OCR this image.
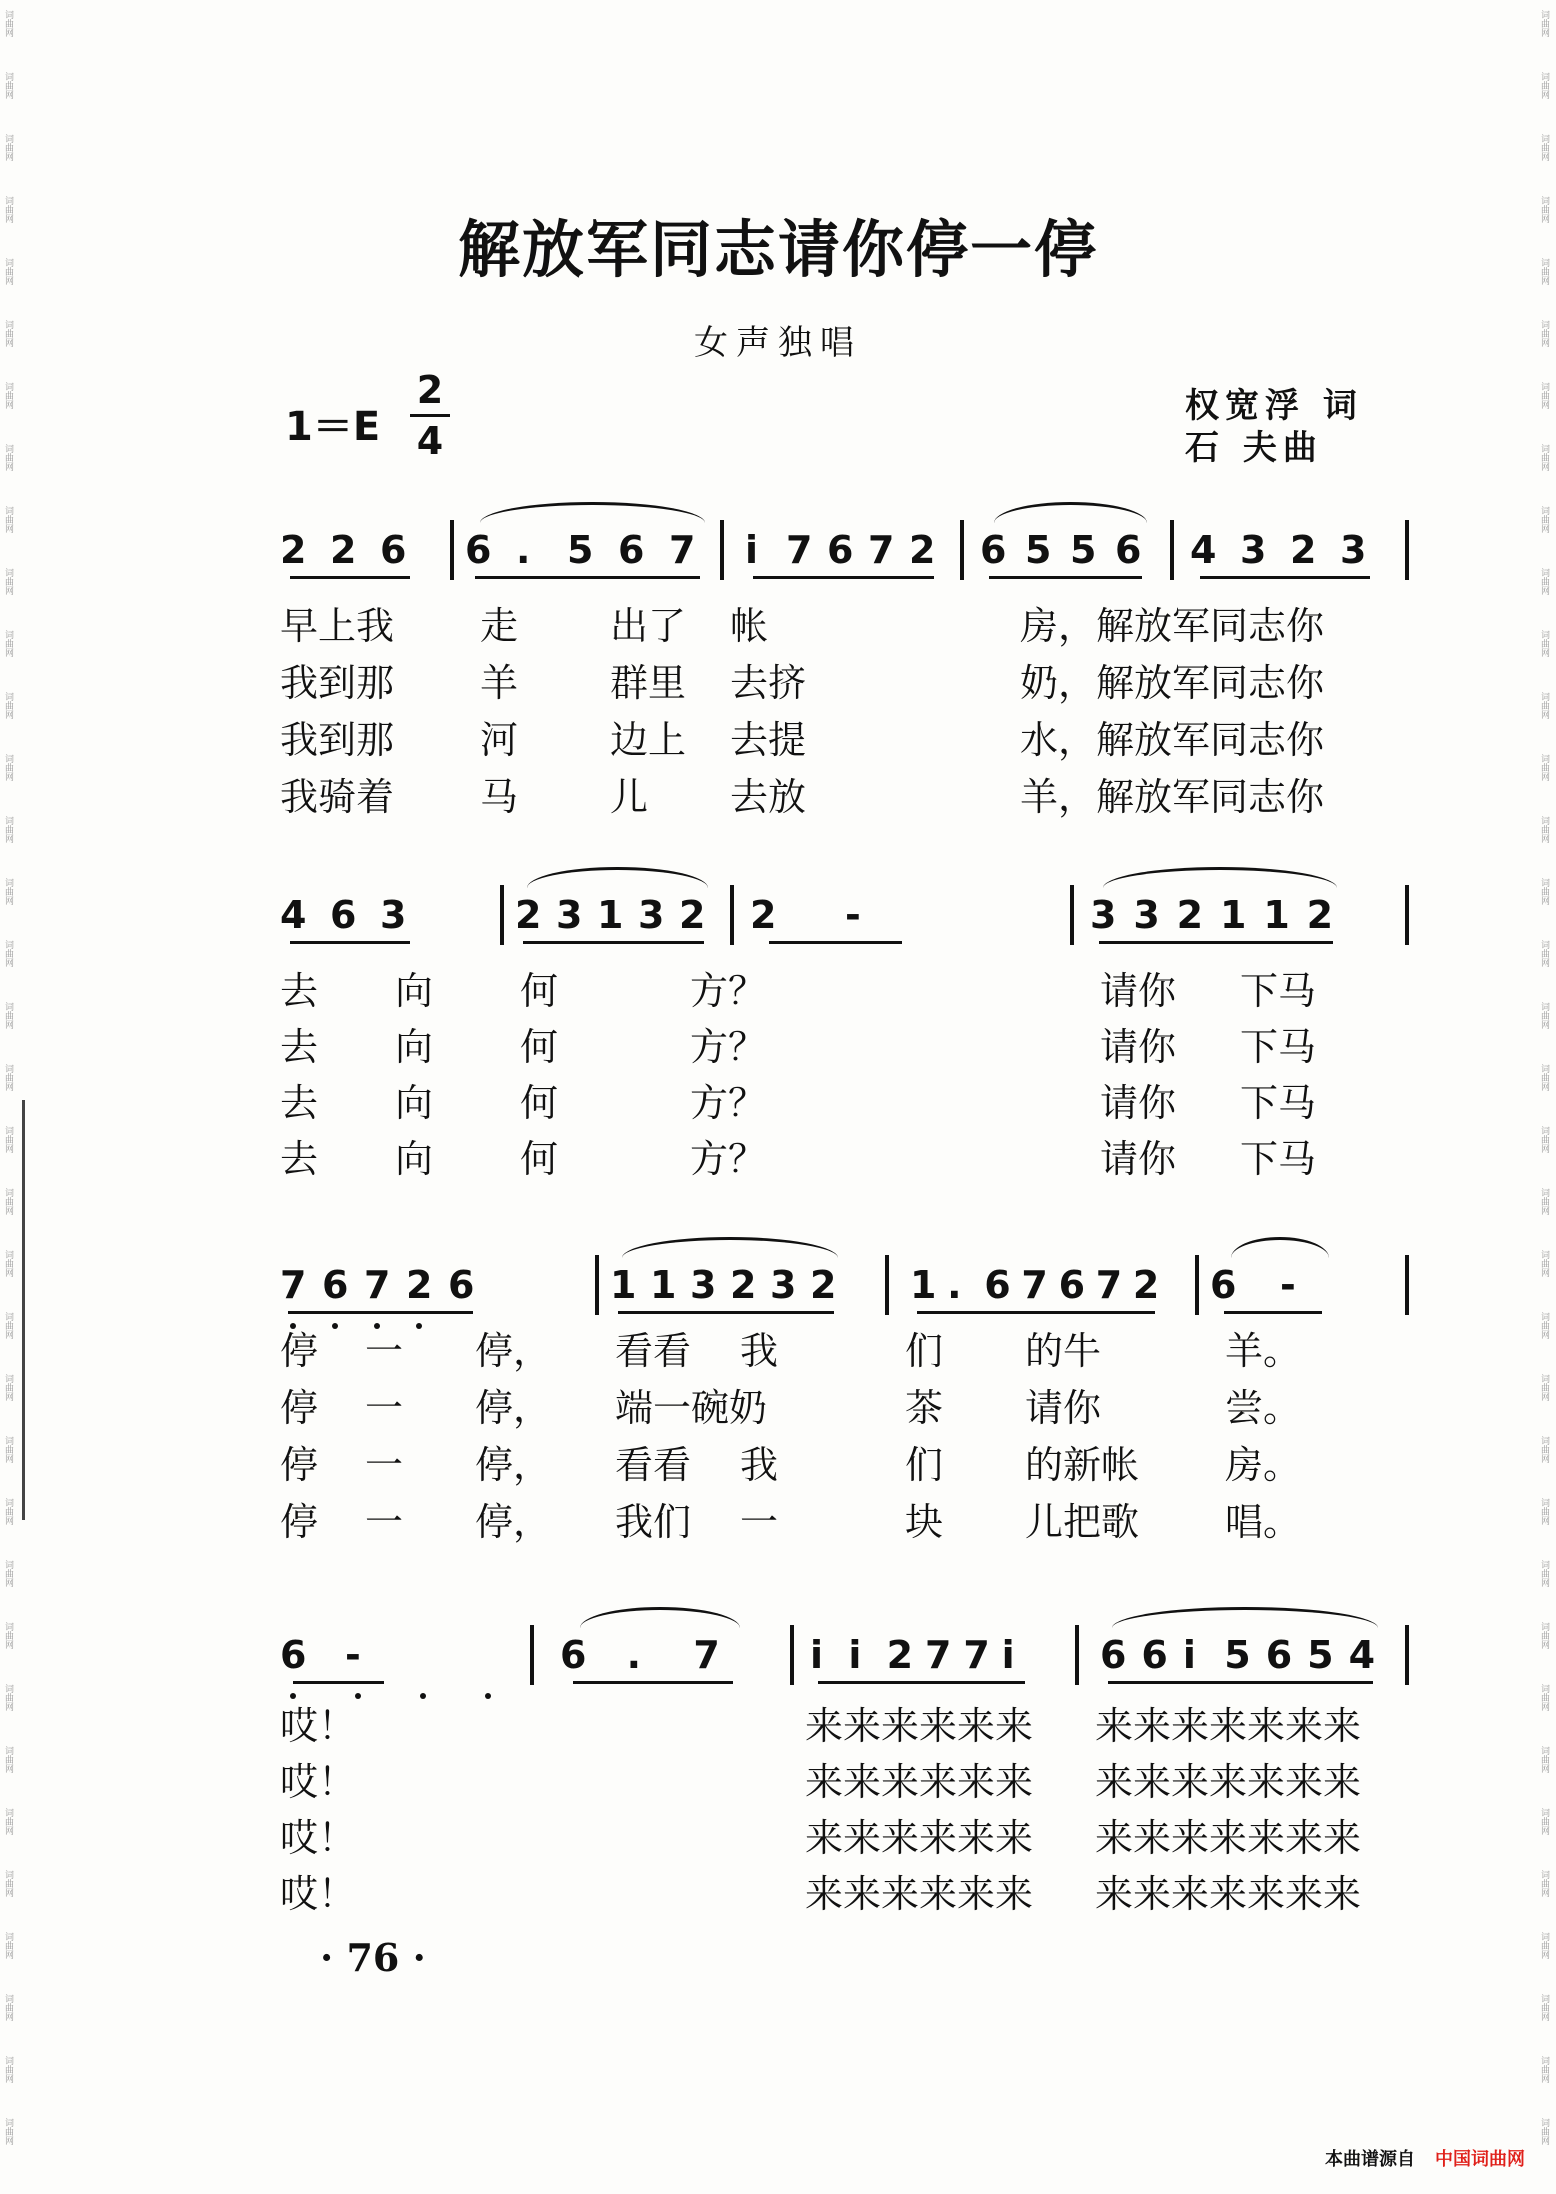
词曲网
词曲网
词曲网
词曲网
词曲网
词曲网
词曲网
词曲网
词曲网
词曲网
词曲网
词曲网
词曲网
词曲网
词曲网
词曲网
词曲网
词曲网
词曲网
词曲网
词曲网
词曲网
词曲网
词曲网
词曲网
词曲网
词曲网
词曲网
词曲网
词曲网
词曲网
词曲网
词曲网
词曲网
词曲网
词曲网
词曲网
词曲网
词曲网
词曲网
词曲网
词曲网
词曲网
词曲网
词曲网
词曲网
词曲网
词曲网
词曲网
词曲网
词曲网
词曲网
词曲网
词曲网
词曲网
词曲网
词曲网
词曲网
词曲网
词曲网
词曲网
词曲网
词曲网
词曲网
词曲网
词曲网
词曲网
词曲网
词曲网
词曲网
解放军同志请你停一停
女声独唱
1＝E
2
4
权宽浮 词
石 夫曲
2 2 6 6 . 5 6 7 i 7 6 7 2 6 5 5 6 4 3 2 3
早上我 走 出了 帐	房，解放军 同志你
我到那 羊 群里 去挤	奶，解放军 同志你
我到那 河 边上 去提	水，解放军 同志你
我骑着 马 儿 去放	羊，解放军 同志你
4 6 3	2 3 1 3 2 2 -	3 3 2 1 1 2
去 向 何	方？	请你 下马
去 向 何	方？	请你 下马
去 向 何	方？	请你 下马
去 向 何	方？	请你 下马
7 6 7 2 6	1 1 3 2 3 2 1 . 6 7 6 7 2 6 -
停 一 停， 看看 我	们 的牛	羊。
停 一 停， 端一碗奶	茶 请你	尝。
停 一 停， 看看 我	们 的新帐 房。
停 一 停， 我们 一	块 儿把歌 唱。
6 -	6 . 7 i i 2 7 7 i 6 6 i 5 6 5 4
哎！	来来来来来来 来来来来来来来
哎！	来来来来来来 来来来来来来来
哎！	来来来来来来 来来来来来来来
哎！	来来来来来来 来来来来来来来
· 76 ·
本曲谱源自 中国词曲网
